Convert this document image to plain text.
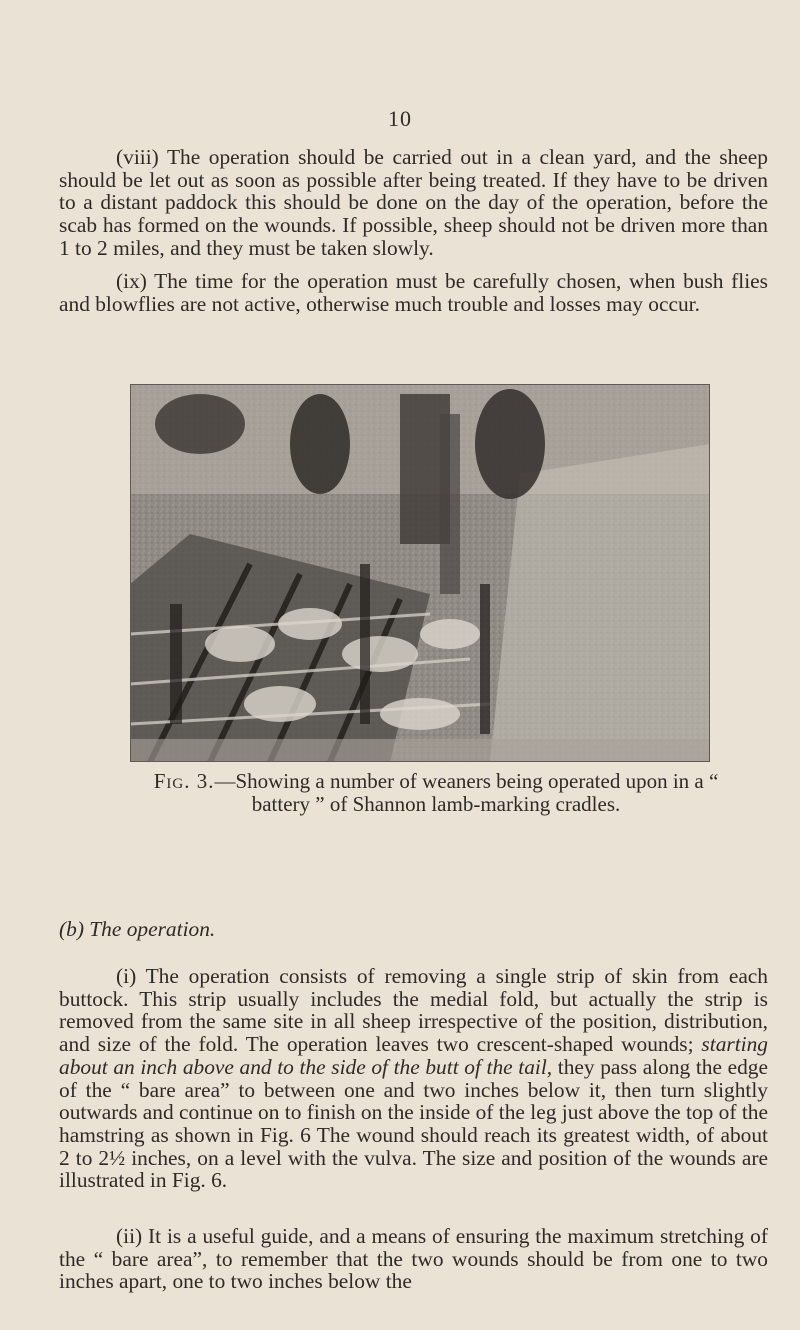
10

(viii) The operation should be carried out in a clean yard, and the sheep should be let out as soon as possible after being treated. If they have to be driven to a distant paddock this should be done on the day of the operation, before the scab has formed on the wounds. If possible, sheep should not be driven more than 1 to 2 miles, and they must be taken slowly.

(ix) The time for the operation must be carefully chosen, when bush flies and blowflies are not active, otherwise much trouble and losses may occur.

Fig. 3.—Showing a number of weaners being operated upon in a “ battery ” of Shannon lamb-marking cradles.

(b) The operation.

(i) The operation consists of removing a single strip of skin from each buttock. This strip usually includes the medial fold, but actually the strip is removed from the same site in all sheep irrespective of the position, distribution, and size of the fold. The operation leaves two crescent-shaped wounds; starting about an inch above and to the side of the butt of the tail, they pass along the edge of the “ bare area” to between one and two inches below it, then turn slightly outwards and continue on to finish on the inside of the leg just above the top of the hamstring as shown in Fig. 6 The wound should reach its greatest width, of about 2 to 2½ inches, on a level with the vulva. The size and position of the wounds are illustrated in Fig. 6.

(ii) It is a useful guide, and a means of ensuring the maximum stretching of the “ bare area”, to remember that the two wounds should be from one to two inches apart, one to two inches below the
